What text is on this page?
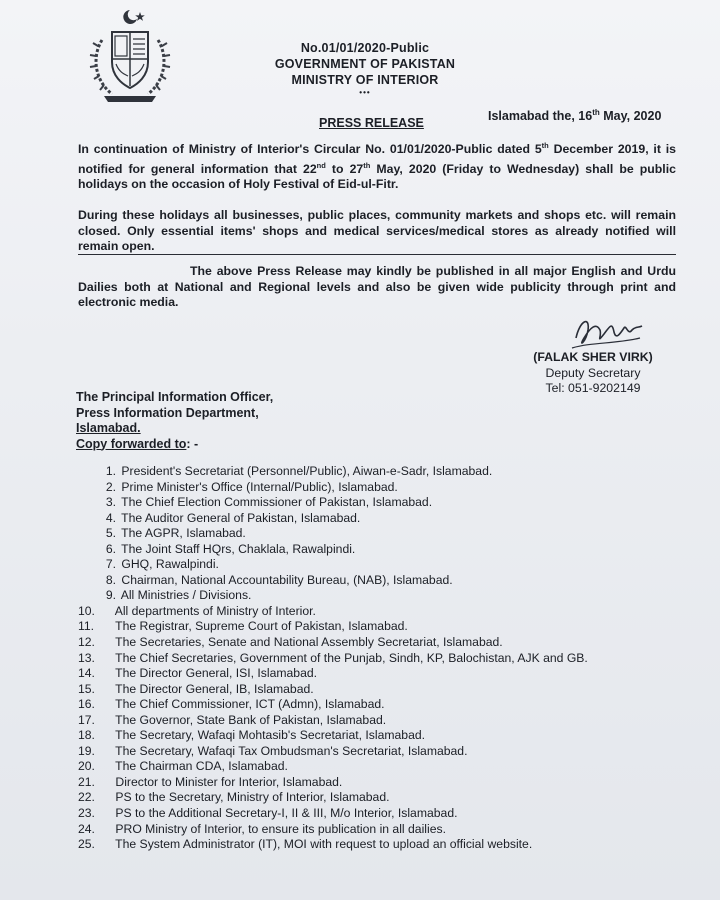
No.01/01/2020-Public
GOVERNMENT OF PAKISTAN
MINISTRY OF INTERIOR
•••
Islamabad the, 16th May, 2020
PRESS RELEASE
In continuation of Ministry of Interior's Circular No. 01/01/2020-Public dated 5th December 2019, it is notified for general information that 22nd to 27th May, 2020 (Friday to Wednesday) shall be public holidays on the occasion of Holy Festival of Eid-ul-Fitr.
During these holidays all businesses, public places, community markets and shops etc. will remain closed. Only essential items' shops and medical services/medical stores as already notified will remain open.
The above Press Release may kindly be published in all major English and Urdu Dailies both at National and Regional levels and also be given wide publicity through print and electronic media.
(FALAK SHER VIRK)
Deputy Secretary
Tel: 051-9202149
The Principal Information Officer,
Press Information Department,
Islamabad.
Copy forwarded to: -
1. President's Secretariat (Personnel/Public), Aiwan-e-Sadr, Islamabad.
2. Prime Minister's Office (Internal/Public), Islamabad.
3. The Chief Election Commissioner of Pakistan, Islamabad.
4. The Auditor General of Pakistan, Islamabad.
5. The AGPR, Islamabad.
6. The Joint Staff HQrs, Chaklala, Rawalpindi.
7. GHQ, Rawalpindi.
8. Chairman, National Accountability Bureau, (NAB), Islamabad.
9. All Ministries / Divisions.
10. All departments of Ministry of Interior.
11. The Registrar, Supreme Court of Pakistan, Islamabad.
12. The Secretaries, Senate and National Assembly Secretariat, Islamabad.
13. The Chief Secretaries, Government of the Punjab, Sindh, KP, Balochistan, AJK and GB.
14. The Director General, ISI, Islamabad.
15. The Director General, IB, Islamabad.
16. The Chief Commissioner, ICT (Admn), Islamabad.
17. The Governor, State Bank of Pakistan, Islamabad.
18. The Secretary, Wafaqi Mohtasib's Secretariat, Islamabad.
19. The Secretary, Wafaqi Tax Ombudsman's Secretariat, Islamabad.
20. The Chairman CDA, Islamabad.
21. Director to Minister for Interior, Islamabad.
22. PS to the Secretary, Ministry of Interior, Islamabad.
23. PS to the Additional Secretary-I, II & III, M/o Interior, Islamabad.
24. PRO Ministry of Interior, to ensure its publication in all dailies.
25. The System Administrator (IT), MOI with request to upload an official website.
